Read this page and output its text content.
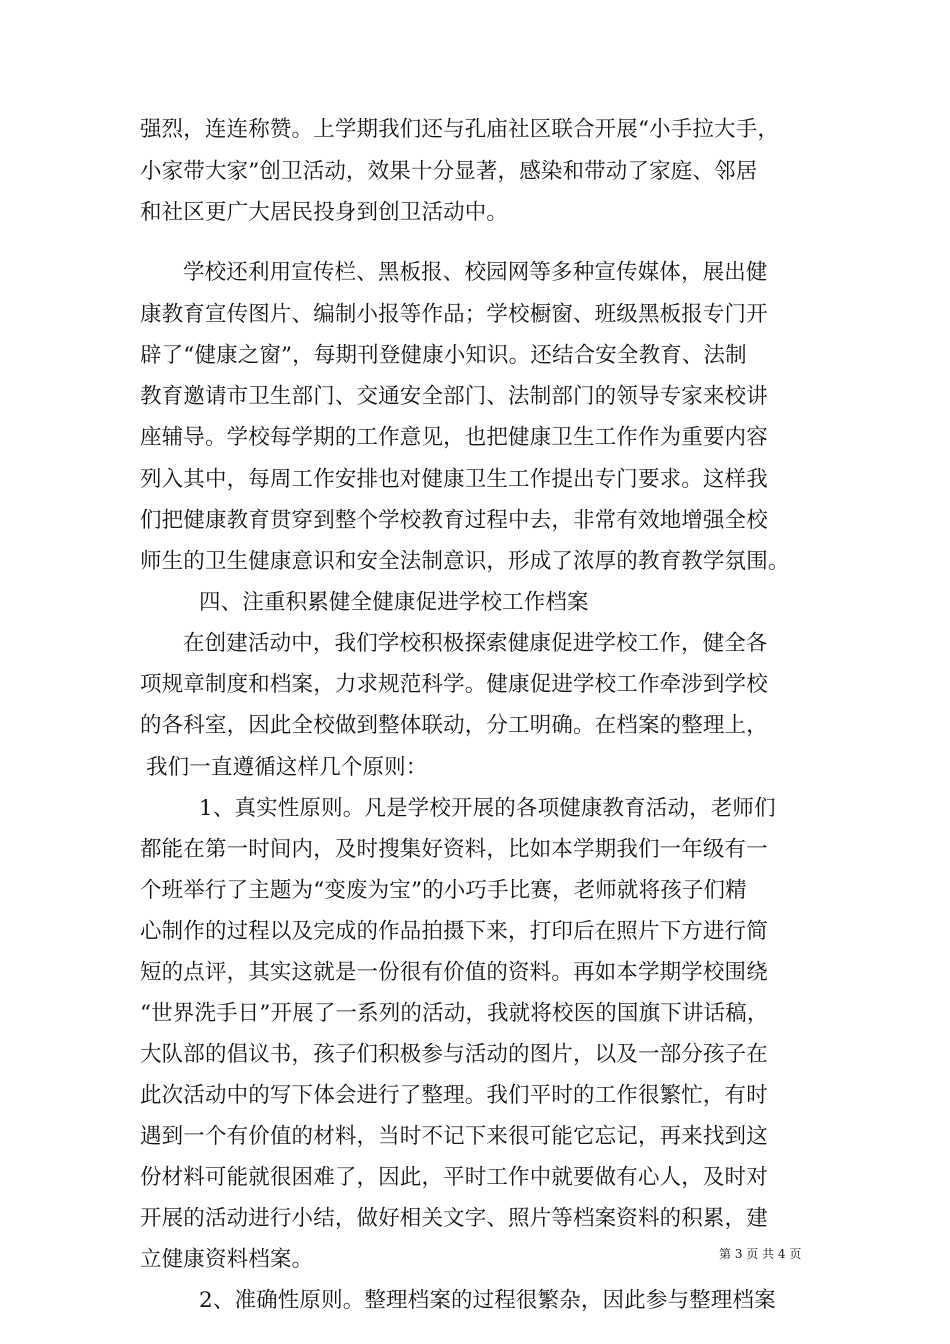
强烈，连连称赞。上学期我们还与孔庙社区联合开展“小手拉大手，
小家带大家”创卫活动，效果十分显著，感染和带动了家庭、邻居
和社区更广大居民投身到创卫活动中。
学校还利用宣传栏、黑板报、校园网等多种宣传媒体，展出健
康教育宣传图片、编制小报等作品；学校橱窗、班级黑板报专门开
辟了“健康之窗”，每期刊登健康小知识。还结合安全教育、法制
教育邀请市卫生部门、交通安全部门、法制部门的领导专家来校讲
座辅导。学校每学期的工作意见，也把健康卫生工作作为重要内容
列入其中，每周工作安排也对健康卫生工作提出专门要求。这样我
们把健康教育贯穿到整个学校教育过程中去，非常有效地增强全校
师生的卫生健康意识和安全法制意识，形成了浓厚的教育教学氛围。
四、注重积累健全健康促进学校工作档案
在创建活动中，我们学校积极探索健康促进学校工作，健全各
项规章制度和档案，力求规范科学。健康促进学校工作牵涉到学校
的各科室，因此全校做到整体联动，分工明确。在档案的整理上，
我们一直遵循这样几个原则：
1、真实性原则。凡是学校开展的各项健康教育活动，老师们
都能在第一时间内，及时搜集好资料，比如本学期我们一年级有一
个班举行了主题为“变废为宝”的小巧手比赛，老师就将孩子们精
心制作的过程以及完成的作品拍摄下来，打印后在照片下方进行简
短的点评，其实这就是一份很有价值的资料。再如本学期学校围绕
“世界洗手日”开展了一系列的活动，我就将校医的国旗下讲话稿，
大队部的倡议书，孩子们积极参与活动的图片，以及一部分孩子在
此次活动中的写下体会进行了整理。我们平时的工作很繁忙，有时
遇到一个有价值的材料，当时不记下来很可能它忘记，再来找到这
份材料可能就很困难了，因此，平时工作中就要做有心人，及时对
开展的活动进行小结，做好相关文字、照片等档案资料的积累，建
立健康资料档案。
2、准确性原则。整理档案的过程很繁杂，因此参与整理档案
第 3 页 共 4 页
